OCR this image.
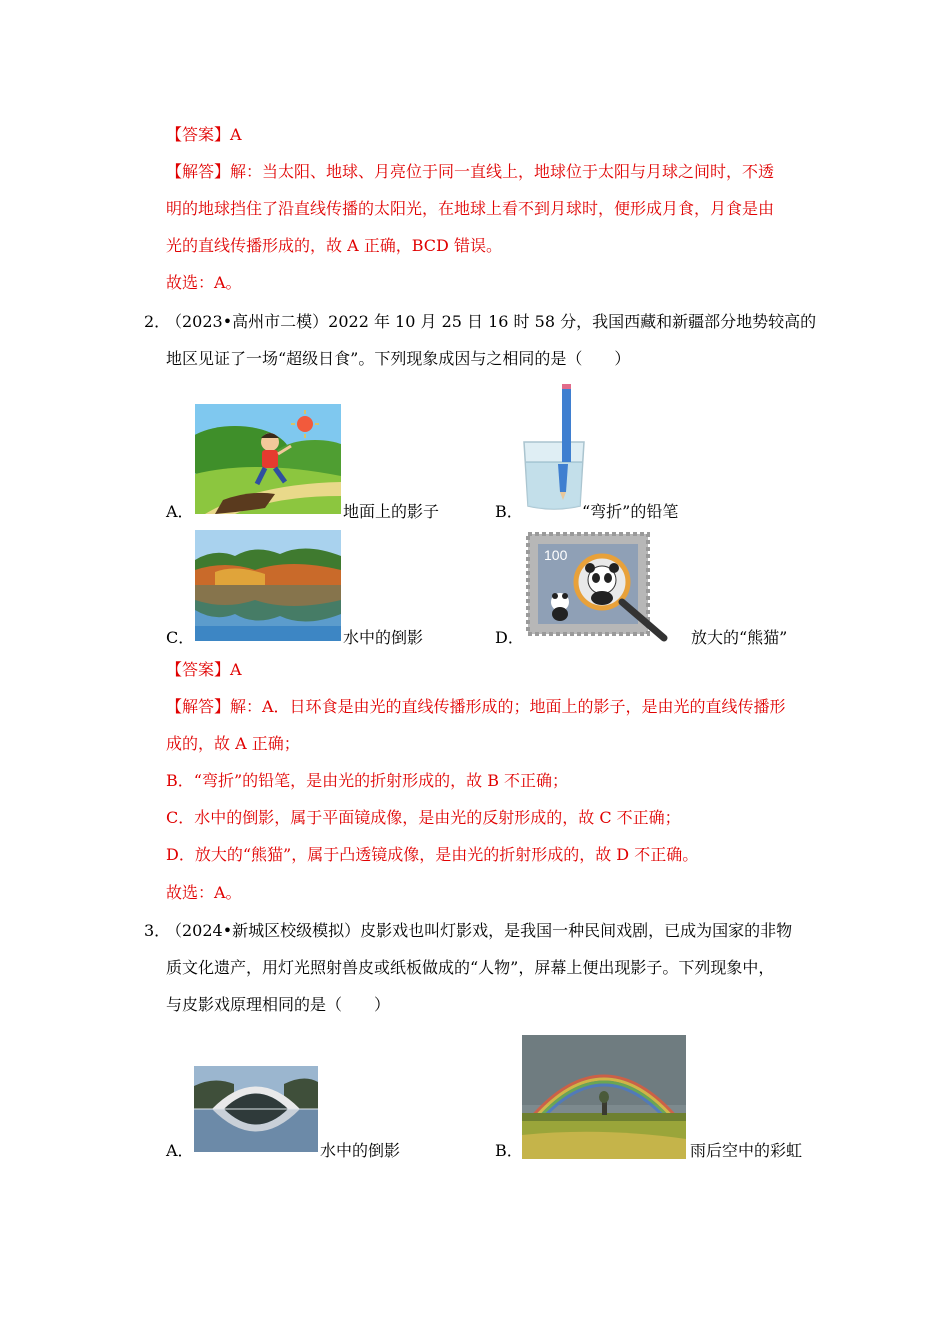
【答案】A
【解答】解：当太阳、地球、月亮位于同一直线上，地球位于太阳与月球之间时，不透
明的地球挡住了沿直线传播的太阳光，在地球上看不到月球时，便形成月食，月食是由
光的直线传播形成的，故 A 正确，BCD 错误。
故选：A。
2．
（2023•高州市二模）2022 年 10 月 25 日 16 时 58 分，我国西藏和新疆部分地势较高的
地区见证了一场“超级日食”。下列现象成因与之相同的是（　　）
A．	地面上的影子	B．	“弯折”的铅笔
C．	水中的倒影
100
D．	放大的“熊猫”
【答案】A
【解答】解：A．日环食是由光的直线传播形成的；地面上的影子，是由光的直线传播形
成的，故 A 正确；
B．“弯折”的铅笔，是由光的折射形成的，故 B 不正确；
C．水中的倒影，属于平面镜成像，是由光的反射形成的，故 C 不正确；
D．放大的“熊猫”，属于凸透镜成像，是由光的折射形成的，故 D 不正确。
故选：A。
3．
（2024•新城区校级模拟）皮影戏也叫灯影戏，是我国一种民间戏剧，已成为国家的非物
质文化遗产，用灯光照射兽皮或纸板做成的“人物”，屏幕上便出现影子。下列现象中，
与皮影戏原理相同的是（　　）
A．	水中的倒影	B．	雨后空中的彩虹
